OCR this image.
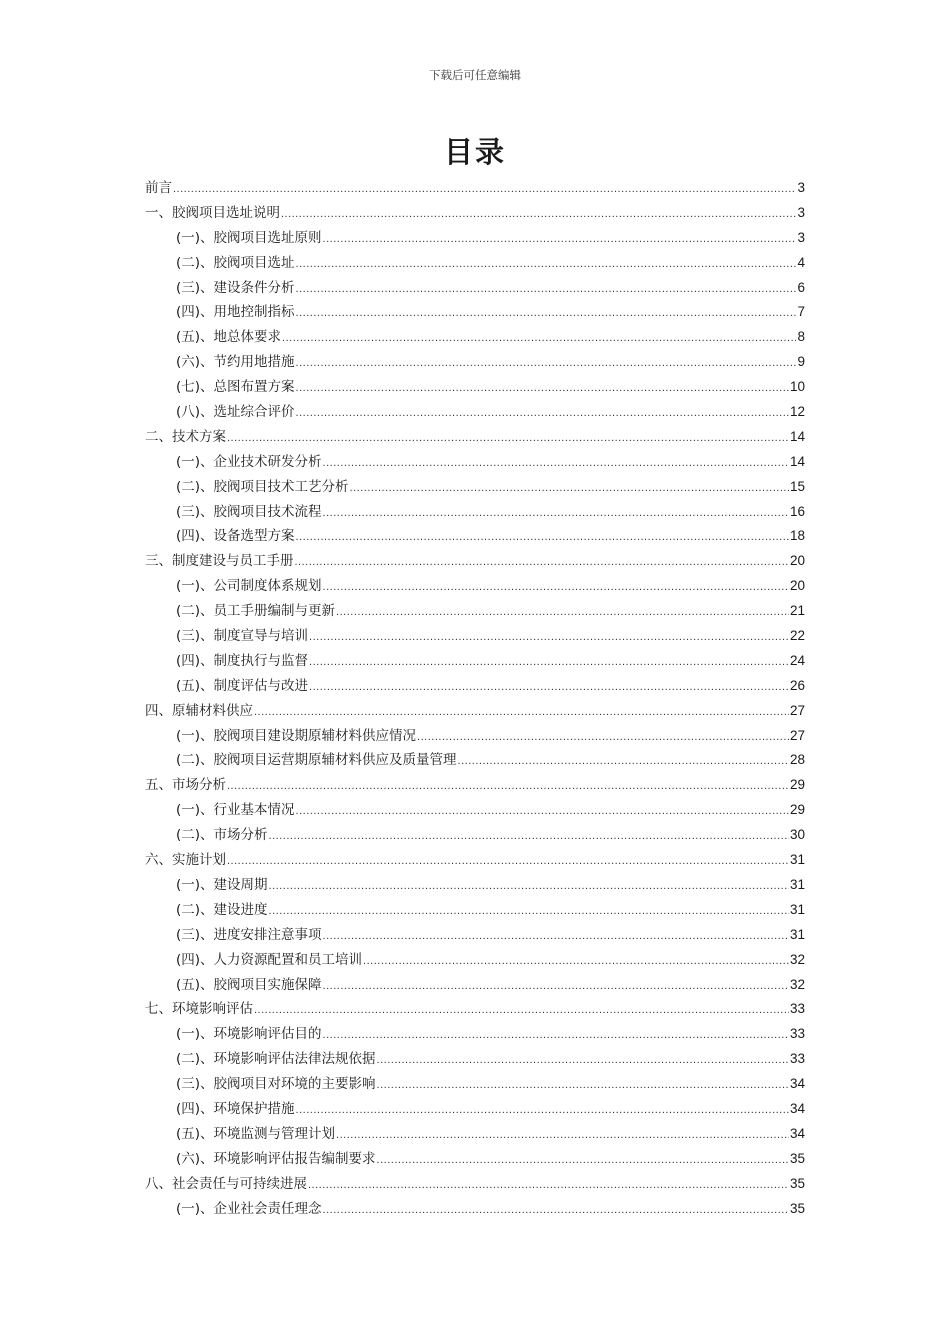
下载后可任意编辑
目录
前言 .....	3
一、胶阀项目选址说明 .....	3
(一)、胶阀项目选址原则 .....	3
(二)、胶阀项目选址 .....	4
(三)、建设条件分析 .....	6
(四)、用地控制指标 .....	7
(五)、地总体要求 .....	8
(六)、节约用地措施 .....	9
(七)、总图布置方案 .....	10
(八)、选址综合评价 .....	12
二、技术方案 .....	14
(一)、企业技术研发分析 .....	14
(二)、胶阀项目技术工艺分析 .....	15
(三)、胶阀项目技术流程 .....	16
(四)、设备选型方案 .....	18
三、制度建设与员工手册 .....	20
(一)、公司制度体系规划 .....	20
(二)、员工手册编制与更新 .....	21
(三)、制度宣导与培训 .....	22
(四)、制度执行与监督 .....	24
(五)、制度评估与改进 .....	26
四、原辅材料供应 .....	27
(一)、胶阀项目建设期原辅材料供应情况 .....	27
(二)、胶阀项目运营期原辅材料供应及质量管理 .....	28
五、市场分析 .....	29
(一)、行业基本情况 .....	29
(二)、市场分析 .....	30
六、实施计划 .....	31
(一)、建设周期 .....	31
(二)、建设进度 .....	31
(三)、进度安排注意事项 .....	31
(四)、人力资源配置和员工培训 .....	32
(五)、胶阀项目实施保障 .....	32
七、环境影响评估 .....	33
(一)、环境影响评估目的 .....	33
(二)、环境影响评估法律法规依据 .....	33
(三)、胶阀项目对环境的主要影响 .....	34
(四)、环境保护措施 .....	34
(五)、环境监测与管理计划 .....	34
(六)、环境影响评估报告编制要求 .....	35
八、社会责任与可持续进展 .....	35
(一)、企业社会责任理念 .....	35
